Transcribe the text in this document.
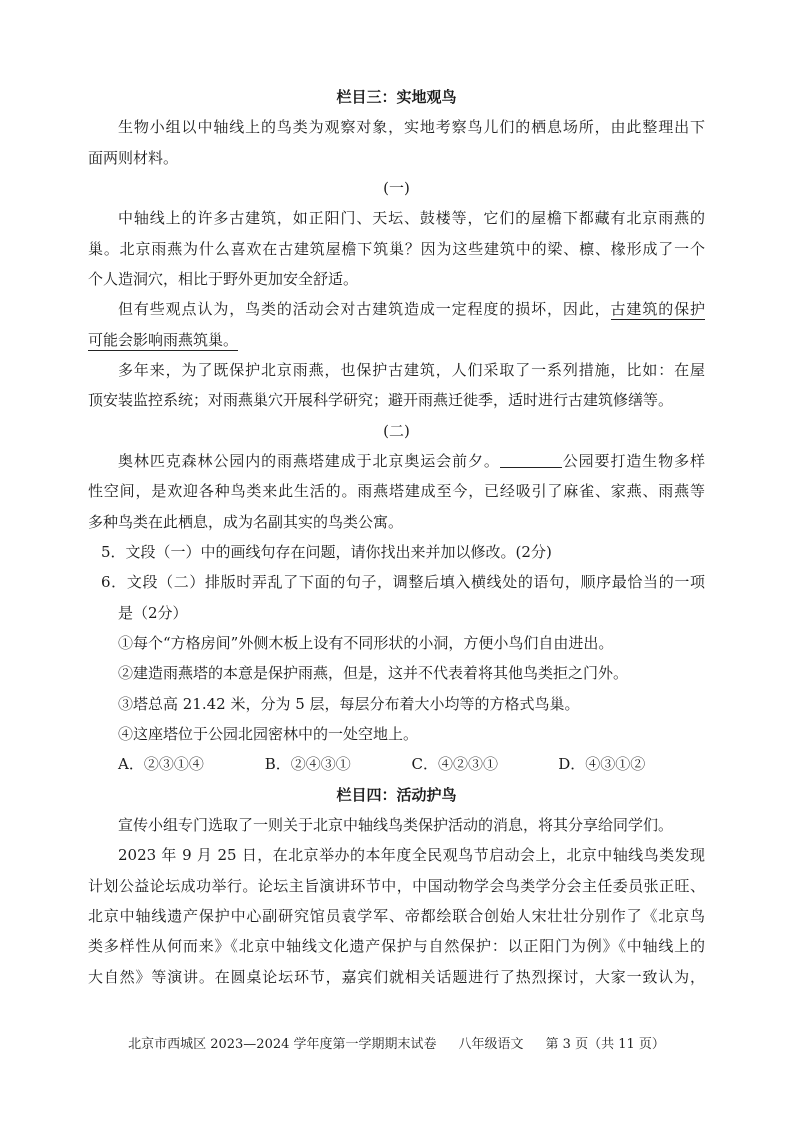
栏目三：实地观鸟
生物小组以中轴线上的鸟类为观察对象，实地考察鸟儿们的栖息场所，由此整理出下
面两则材料。
(一)
中轴线上的许多古建筑，如正阳门、天坛、鼓楼等，它们的屋檐下都藏有北京雨燕的
巢。北京雨燕为什么喜欢在古建筑屋檐下筑巢？因为这些建筑中的梁、檩、椽形成了一个
个人造洞穴，相比于野外更加安全舒适。
但有些观点认为，鸟类的活动会对古建筑造成一定程度的损坏，因此，古建筑的保护
可能会影响雨燕筑巢。
多年来，为了既保护北京雨燕，也保护古建筑，人们采取了一系列措施，比如：在屋
顶安装监控系统；对雨燕巢穴开展科学研究；避开雨燕迁徙季，适时进行古建筑修缮等。
(二)
奥林匹克森林公园内的雨燕塔建成于北京奥运会前夕。	公园要打造生物多样
性空间，是欢迎各种鸟类来此生活的。雨燕塔建成至今，已经吸引了麻雀、家燕、雨燕等
多种鸟类在此栖息，成为名副其实的鸟类公寓。
5．文段（一）中的画线句存在问题，请你找出来并加以修改。(2分)
6．文段（二）排版时弄乱了下面的句子，调整后填入横线处的语句，顺序最恰当的一项
是（2分）
①每个“方格房间”外侧木板上设有不同形状的小洞，方便小鸟们自由进出。
②建造雨燕塔的本意是保护雨燕，但是，这并不代表着将其他鸟类拒之门外。
③塔总高 21.42 米，分为 5 层，每层分布着大小均等的方格式鸟巢。
④这座塔位于公园北园密林中的一处空地上。
A．②③①④	B．②④③①	C．④②③①	D．④③①②
栏目四：活动护鸟
宣传小组专门选取了一则关于北京中轴线鸟类保护活动的消息，将其分享给同学们。
2023 年 9 月 25 日，在北京举办的本年度全民观鸟节启动会上，北京中轴线鸟类发现
计划公益论坛成功举行。论坛主旨演讲环节中，中国动物学会鸟类学分会主任委员张正旺、
北京中轴线遗产保护中心副研究馆员袁学军、帝都绘联合创始人宋壮壮分别作了《北京鸟
类多样性从何而来》《北京中轴线文化遗产保护与自然保护：以正阳门为例》《中轴线上的
大自然》等演讲。在圆桌论坛环节，嘉宾们就相关话题进行了热烈探讨，大家一致认为，
北京市西城区 2023—2024 学年度第一学期期末试卷 八年级语文 第 3 页（共 11 页）
